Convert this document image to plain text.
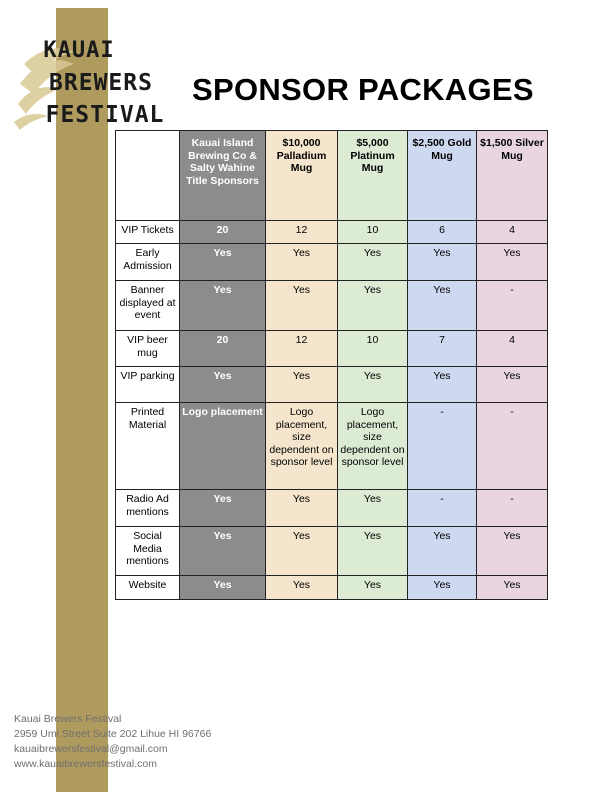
KAUAI
BREWERS
FESTIVAL
SPONSOR PACKAGES
	Kauai Island Brewing Co & Salty Wahine Title Sponsors	$10,000 Palladium Mug	$5,000 Platinum Mug	$2,500 Gold Mug	$1,500 Silver Mug
VIP Tickets	20	12	10	6	4
Early Admission	Yes	Yes	Yes	Yes	Yes
Banner displayed at event	Yes	Yes	Yes	Yes	-
VIP beer mug	20	12	10	7	4
VIP parking	Yes	Yes	Yes	Yes	Yes
Printed Material	Logo placement	Logo placement, size dependent on sponsor level	Logo placement, size dependent on sponsor level	-	-
Radio Ad mentions	Yes	Yes	Yes	-	-
Social Media mentions	Yes	Yes	Yes	Yes	Yes
Website	Yes	Yes	Yes	Yes	Yes
Kauai Brewers Festival
2959 Umi Street Suite 202 Lihue HI 96766
kauaibrewersfestival@gmail.com
www.kauaibrewersfestival.com
